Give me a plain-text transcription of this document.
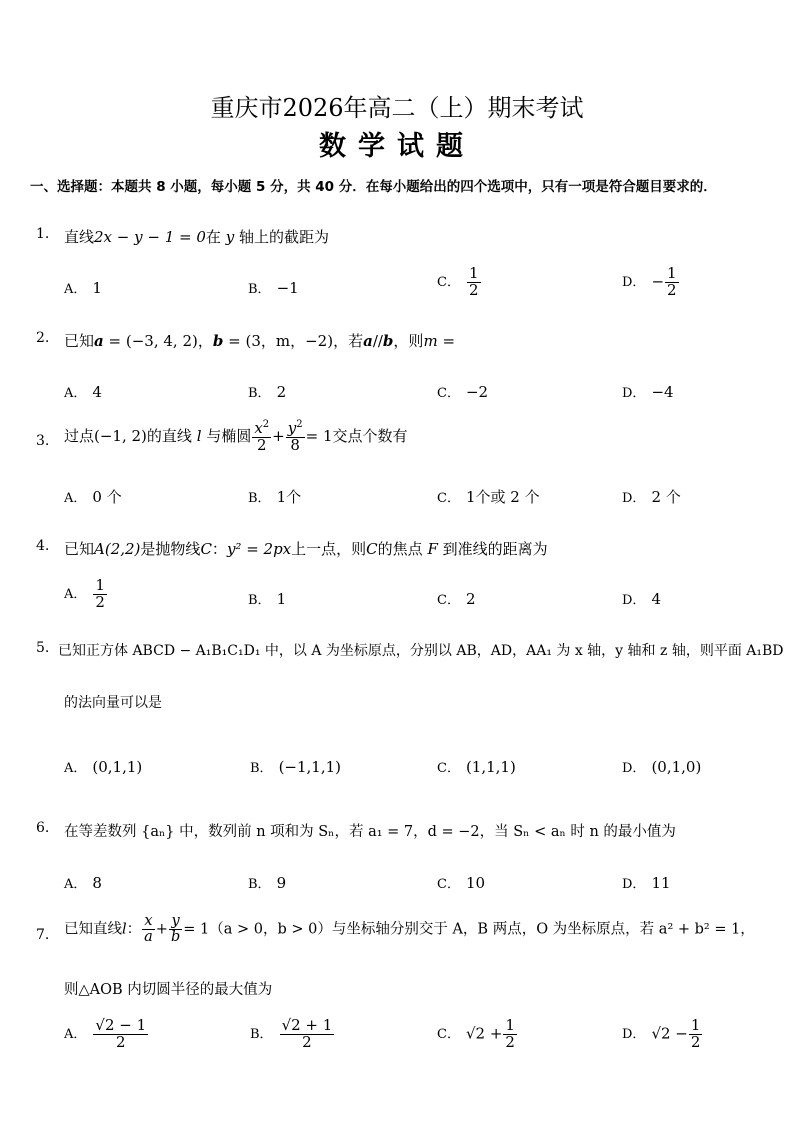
重庆市2026年高二（上）期末考试
数学试题
一、选择题：本题共 8 小题，每小题 5 分，共 40 分．在每小题给出的四个选项中，只有一项是符合题目要求的．
1. 直线2x − y − 1 = 0在 y 轴上的截距为
A． 1	B． −1	C． $\frac{1}{2}$	D． − $\frac{1}{2}$
2. 已知a = (−3, 4, 2)，b = (3，m，−2)，若a//b，则m =
A． 4	B． 2	C． −2	D． −4
3. 过点(−1, 2)的直线 l 与椭圆 $\frac{x^2}{2} + \frac{y^2}{8} = 1$交点个数有
A． 0 个	B． 1个	C． 1个或 2 个	D． 2 个
4. 已知A(2,2)是抛物线C：y² = 2px上一点，则C的焦点 F 到准线的距离为
A． $\frac{1}{2}$	B． 1	C． 2	D． 4
5. 已知正方体 ABCD − A₁B₁C₁D₁ 中，以 A 为坐标原点，分别以 AB，AD，AA₁ 为 x 轴，y 轴和 z 轴，则平面 A₁BD
的法向量可以是
A． (0,1,1)	B． (−1,1,1)	C． (1,1,1)	D． (0,1,0)
6. 在等差数列 {aₙ} 中，数列前 n 项和为 Sₙ，若 a₁ = 7，d = −2，当 Sₙ < aₙ 时 n 的最小值为
A． 8	B． 9	C． 10	D． 11
7. 已知直线l： $\frac{x}{a} + \frac{y}{b} = 1(a > 0$，b > 0）与坐标轴分别交于 A，B 两点，O 为坐标原点，若 a² + b² = 1，
则△AOB 内切圆半径的最大值为
A． $\frac{√2 - 1}{2}$	B． $\frac{√2 + 1}{2}$	C． $√2 + \frac{1}{2}$	D． $√2 - \frac{1}{2}$
